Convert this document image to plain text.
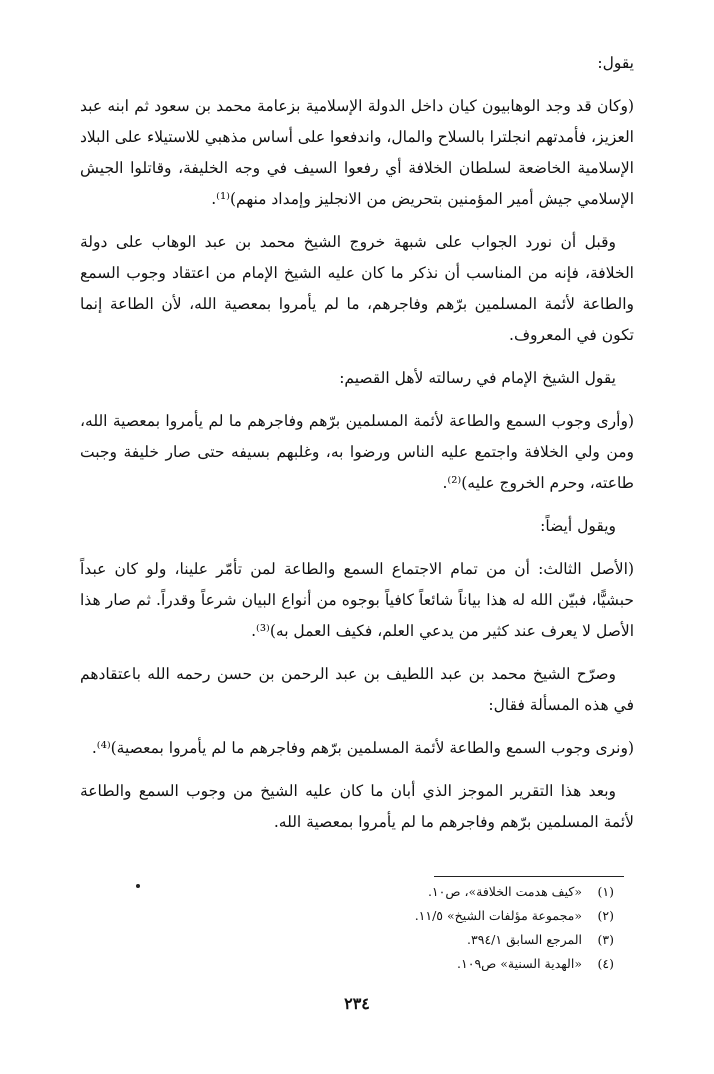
يقول:

(وكان قد وجد الوهابيون كيان داخل الدولة الإسلامية بزعامة محمد بن سعود ثم ابنه عبد العزيز، فأمدتهم انجلترا بالسلاح والمال، واندفعوا على أساس مذهبي للاستيلاء على البلاد الإسلامية الخاضعة لسلطان الخلافة أي رفعوا السيف في وجه الخليفة، وقاتلوا الجيش الإسلامي جيش أمير المؤمنين بتحريض من الانجليز وإمداد منهم)⁽¹⁾.

وقبل أن نورد الجواب على شبهة خروج الشيخ محمد بن عبد الوهاب على دولة الخلافة، فإنه من المناسب أن نذكر ما كان عليه الشيخ الإمام من اعتقاد وجوب السمع والطاعة لأئمة المسلمين برّهم وفاجرهم، ما لم يأمروا بمعصية الله، لأن الطاعة إنما تكون في المعروف.

يقول الشيخ الإمام في رسالته لأهل القصيم:

(وأرى وجوب السمع والطاعة لأئمة المسلمين برّهم وفاجرهم ما لم يأمروا بمعصية الله، ومن ولي الخلافة واجتمع عليه الناس ورضوا به، وغلبهم بسيفه حتى صار خليفة وجبت طاعته، وحرم الخروج عليه)⁽²⁾.

ويقول أيضاً:

(الأصل الثالث: أن من تمام الاجتماع السمع والطاعة لمن تأمّر علينا، ولو كان عبداً حبشيًّا، فبيّن الله له هذا بياناً شائعاً كافياً بوجوه من أنواع البيان شرعاً وقدراً. ثم صار هذا الأصل لا يعرف عند كثير من يدعي العلم، فكيف العمل به)⁽³⁾.

وصرّح الشيخ محمد بن عبد اللطيف بن عبد الرحمن بن حسن رحمه الله باعتقادهم في هذه المسألة فقال:

(ونرى وجوب السمع والطاعة لأئمة المسلمين برّهم وفاجرهم ما لم يأمروا بمعصية)⁽⁴⁾.

وبعد هذا التقرير الموجز الذي أبان ما كان عليه الشيخ من وجوب السمع والطاعة لأئمة المسلمين برّهم وفاجرهم ما لم يأمروا بمعصية الله.

(١)
«كيف هدمت الخلافة»، ص١٠.
(٢)
«مجموعة مؤلفات الشيخ» ١١/٥.
(٣)
المرجع السابق ٣٩٤/١.
(٤)
«الهدية السنية» ص١٠٩.
٢٣٤
